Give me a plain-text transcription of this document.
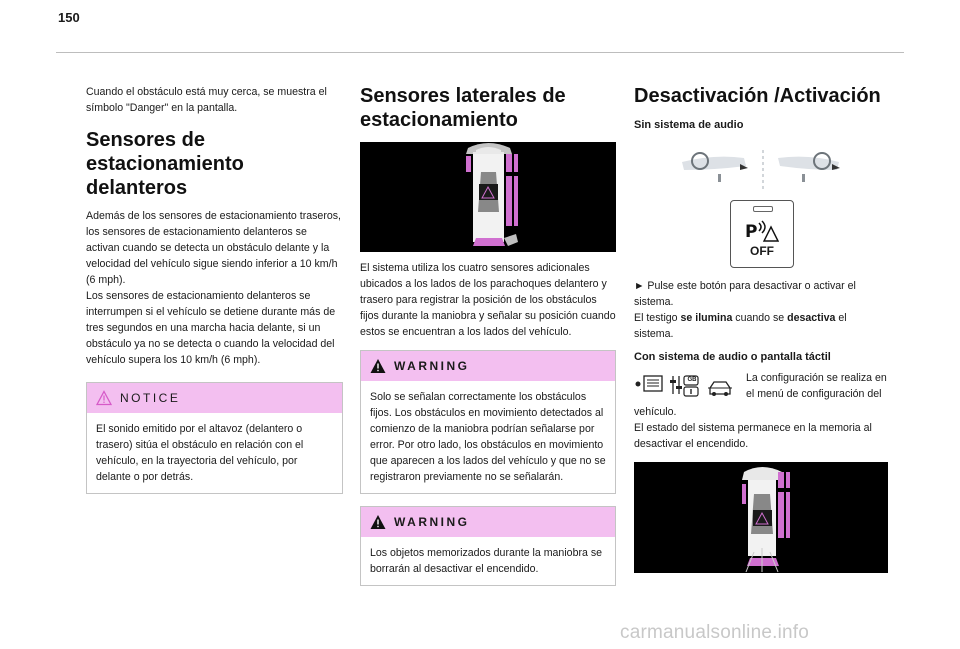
150

Cuando el obstáculo está muy cerca, se muestra el símbolo "Danger" en la pantalla.

Sensores de estacionamiento delanteros

Además de los sensores de estacionamiento traseros, los sensores de estacionamiento delanteros se activan cuando se detecta un obstáculo delante y la velocidad del vehículo sigue siendo inferior a 10 km/h (6 mph).

Los sensores de estacionamiento delanteros se interrumpen si el vehículo se detiene durante más de tres segundos en una marcha hacia delante, si un obstáculo ya no se detecta o cuando la velocidad del vehículo supera los 10 km/h (6 mph).

NOTICE

El sonido emitido por el altavoz (delantero o trasero) sitúa el obstáculo en relación con el vehículo, en la trayectoria del vehículo, por delante o por detrás.

Sensores laterales de estacionamiento

El sistema utiliza los cuatro sensores adicionales ubicados a los lados de los parachoques delantero y trasero para registrar la posición de los obstáculos fijos durante la maniobra y señalar su posición cuando estos se encuentran a los lados del vehículo.

WARNING

Solo se señalan correctamente los obstáculos fijos. Los obstáculos en movimiento detectados al comienzo de la maniobra podrían señalarse por error. Por otro lado, los obstáculos en movimiento que aparecen a los lados del vehículo y que no se registraron previamente no se señalarán.

WARNING

Los objetos memorizados durante la maniobra se borrarán al desactivar el encendido.

Desactivación /Activación
Sin sistema de audio
P
OFF

► Pulse este botón para desactivar o activar el sistema.

El testigo se ilumina cuando se desactiva el sistema.

Con sistema de audio o pantalla táctil
GB	La configuración se realiza en el menú de configuración del

vehículo.

El estado del sistema permanece en la memoria al desactivar el encendido.

carmanualsonline.info
